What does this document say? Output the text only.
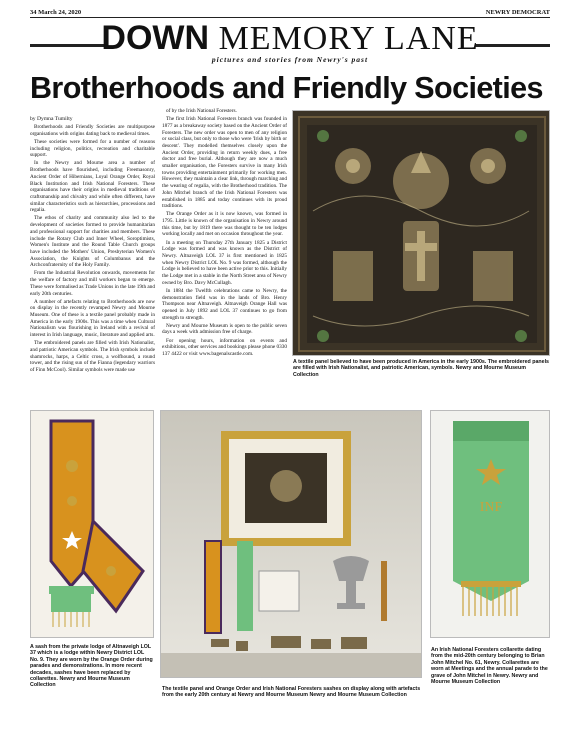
34 March 24, 2020	NEWRY DEMOCRAT
DOWN MEMORY LANE
pictures and stories from Newry's past
Brotherhoods and Friendly Societies

by Dymna Tumilty

Brotherhoods and Friendly Societies are multipurpose organisations with origins dating back to medieval times.

These societies were formed for a number of reasons including religion, politics, recreation and charitable support.

In the Newry and Mourne area a number of Brotherhoods have flourished, including Freemasonry, Ancient Order of Hibernians, Loyal Orange Order, Royal Black Institution and Irish National Foresters. These organisations have their origins in medieval traditions of craftsmanship and chivalry and while often different, have similar characteristics such as hierarchies, processions and regalia.

The ethos of charity and community also led to the development of societies formed to provide humanitarian and professional support for charities and members. These include the Rotary Club and Inner Wheel, Soroptimists, Women's Institute and the Round Table Church groups have included the Mothers' Union, Presbyterian Women's Association, the Knights of Columbanus and the Archconfraternity of the Holy Family.

From the Industrial Revolution onwards, movements for the welfare of factory and mill workers began to emerge. These were formalised as Trade Unions in the late 19th and early 20th centuries.

A number of artefacts relating to Brotherhoods are now on display in the recently revamped Newry and Mourne Museum. One of these is a textile panel probably made in America in the early 1900s. This was a time when Cultural Nationalism was flourishing in Ireland with a revival of interest in Irish language, music, literature and applied arts.

The embroidered panels are filled with Irish Nationalist, and patriotic American symbols. The Irish symbols include shamrocks, harps, a Celtic cross, a wolfhound, a round tower, and the rising sun of the Fianna (legendary warriors of Finn McCool). Similar symbols were made use

of by the Irish National Foresters.

The first Irish National Foresters branch was founded in 1877 as a breakaway society based on the Ancient Order of Foresters. The new order was open to men of any religion or social class, but only to those who were 'Irish by birth or descent'. They modelled themselves closely upon the Ancient Order, providing in return weekly dues, a free doctor and free burial. Although they are now a much smaller organisation, the Foresters survive in many Irish towns providing entertainment primarily for working men. However, they maintain a clear link, through marching and the wearing of regalia, with the Brotherhood tradition. The John Mitchel branch of the Irish National Foresters was established in 1885 and today continues with its proud traditions.

The Orange Order as it is now known, was formed in 1795. Little is known of the organisation in Newry around this time, but by 1819 there was thought to be ten lodges working locally and met on occasion throughout the year.

In a meeting on Thursday 27th January 1825 a District Lodge was formed and was known as the District of Newry. Altnaveigh LOL 37 is first mentioned in 1825 when Newry District LOL No. 9 was formed, although the Lodge is believed to have been active prior to this. Initially the Lodge met in a stable in the North Street area of Newry owned by Bro. Davy McCullagh.

In 1884 the Twelfth celebrations came to Newry, the demonstration field was in the lands of Bro. Henry Thompson near Altnaveigh. Altnaveigh Orange Hall was opened in July 1892 and LOL 37 continues to go from strength to strength.

Newry and Mourne Museum is open to the public seven days a week with admission free of charge.

For opening hours, information on events and exhibitions, other services and bookings please phone 0330 137 4422 or visit www.bagenalscastle.com.

A textile panel believed to have been produced in America in the early 1900s. The embroidered panels are filled with Irish Nationalist, and patriotic American, symbols. Newry and Mourne Museum Collection
A sash from the private lodge of Altnaveigh LOL 37 which is a lodge within Newry District LOL No. 9. They are worn by the Orange Order during parades and demonstrations. In more recent decades, sashes have been replaced by collarettes. Newry and Mourne Museum Collection
The textile panel and Orange Order and Irish National Foresters sashes on display along with artefacts from the early 20th century at Newry and Mourne Museum Newry and Mourne Museum Collection
INF
An Irish National Foresters collarette dating from the mid-20th century belonging to Brian John Mitchel No. 61, Newry. Collarettes are worn at Meetings and the annual parade to the grave of John Mitchel in Newry. Newry and Mourne Museum Collection
